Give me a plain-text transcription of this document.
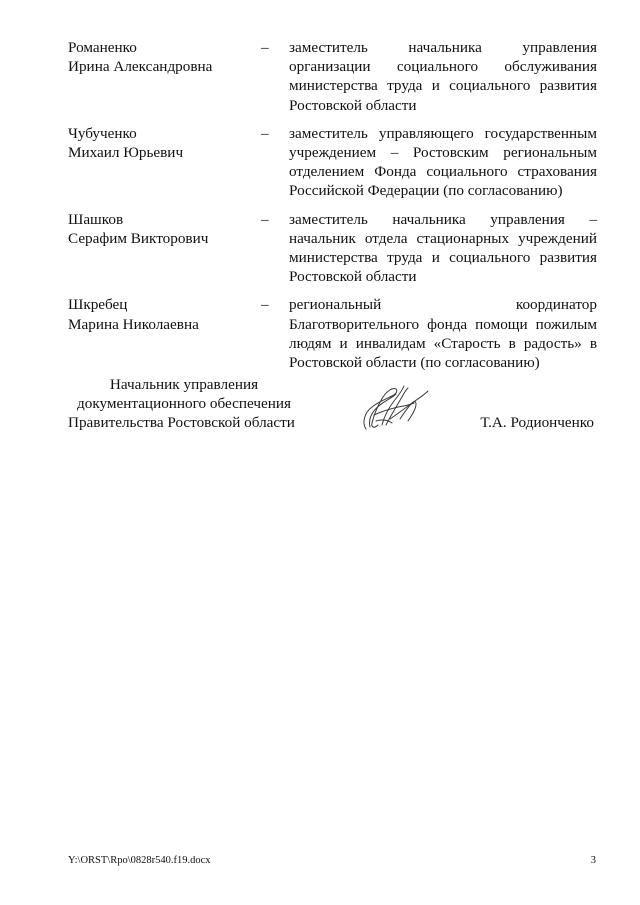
Романенко
Ирина Александровна
–	заместитель начальника управления организации социального обслуживания министерства труда и социального развития Ростовской области
Чубученко
Михаил Юрьевич
–	заместитель управляющего государственным учреждением – Ростовским региональным отделением Фонда социального страхования Российской Федерации (по согласованию)
Шашков
Серафим Викторович
–	заместитель начальника управления – начальник отдела стационарных учреждений министерства труда и социального развития Ростовской области
Шкребец
Марина Николаевна
–	региональный координатор Благотворительного фонда помощи пожилым людям и инвалидам «Старость в радость» в Ростовской области (по согласованию)
Начальник управления
документационного обеспечения
Правительства Ростовской области	Т.А. Родионченко
Y:\ORST\Rpo\0828r540.f19.docx	3
